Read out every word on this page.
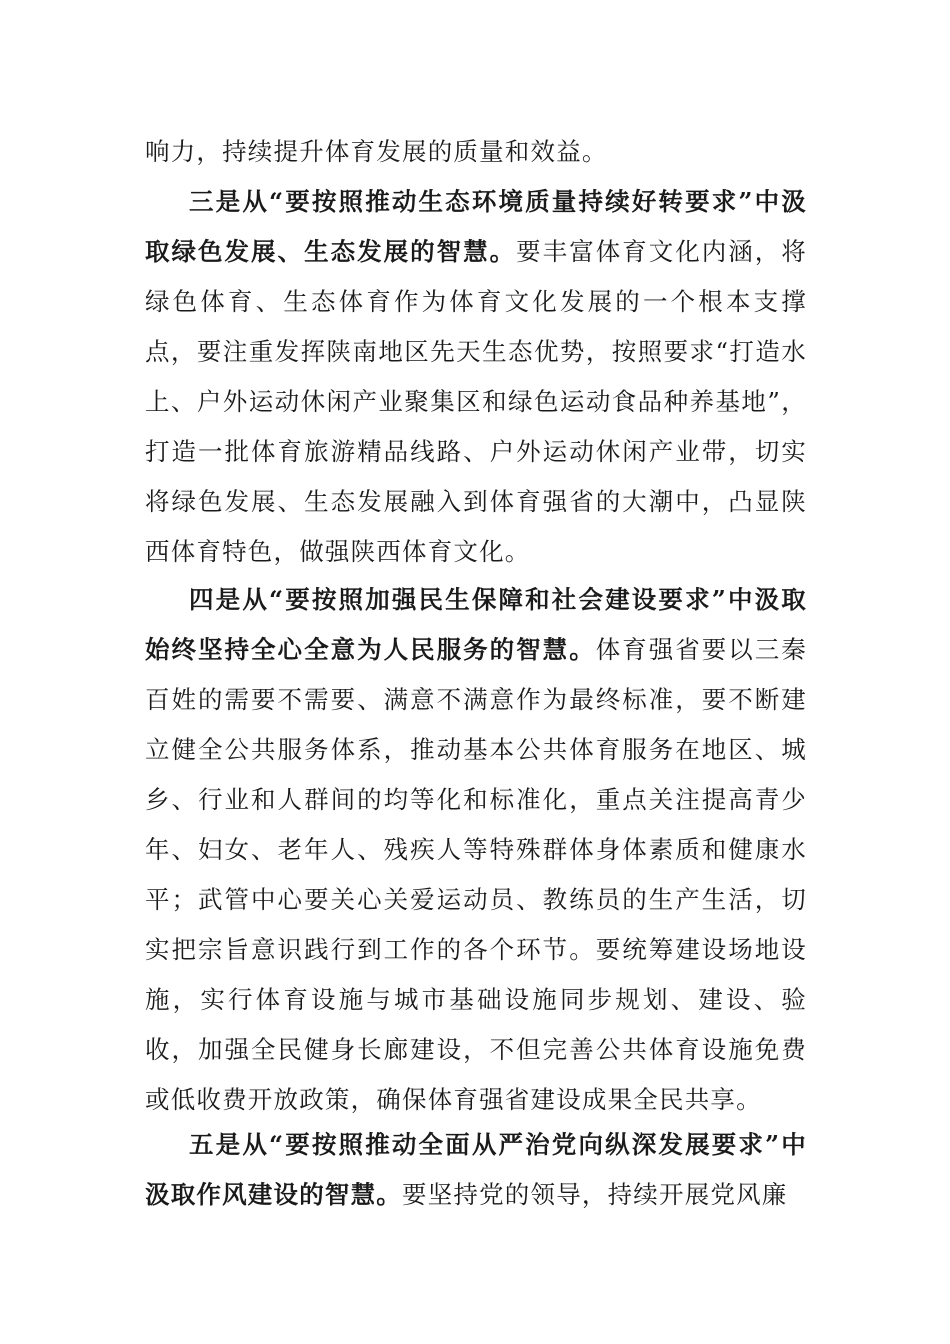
响力，持续提升体育发展的质量和效益。

三是从“要按照推动生态环境质量持续好转要求”中汲取绿色发展、生态发展的智慧。要丰富体育文化内涵，将绿色体育、生态体育作为体育文化发展的一个根本支撑点，要注重发挥陕南地区先天生态优势，按照要求“打造水上、户外运动休闲产业聚集区和绿色运动食品种养基地”，打造一批体育旅游精品线路、户外运动休闲产业带，切实将绿色发展、生态发展融入到体育强省的大潮中，凸显陕西体育特色，做强陕西体育文化。

四是从“要按照加强民生保障和社会建设要求”中汲取始终坚持全心全意为人民服务的智慧。体育强省要以三秦百姓的需要不需要、满意不满意作为最终标准，要不断建立健全公共服务体系，推动基本公共体育服务在地区、城乡、行业和人群间的均等化和标准化，重点关注提高青少年、妇女、老年人、残疾人等特殊群体身体素质和健康水平；武管中心要关心关爱运动员、教练员的生产生活，切实把宗旨意识践行到工作的各个环节。要统筹建设场地设施，实行体育设施与城市基础设施同步规划、建设、验收，加强全民健身长廊建设，不但完善公共体育设施免费或低收费开放政策，确保体育强省建设成果全民共享。

五是从“要按照推动全面从严治党向纵深发展要求”中汲取作风建设的智慧。要坚持党的领导，持续开展党风廉
